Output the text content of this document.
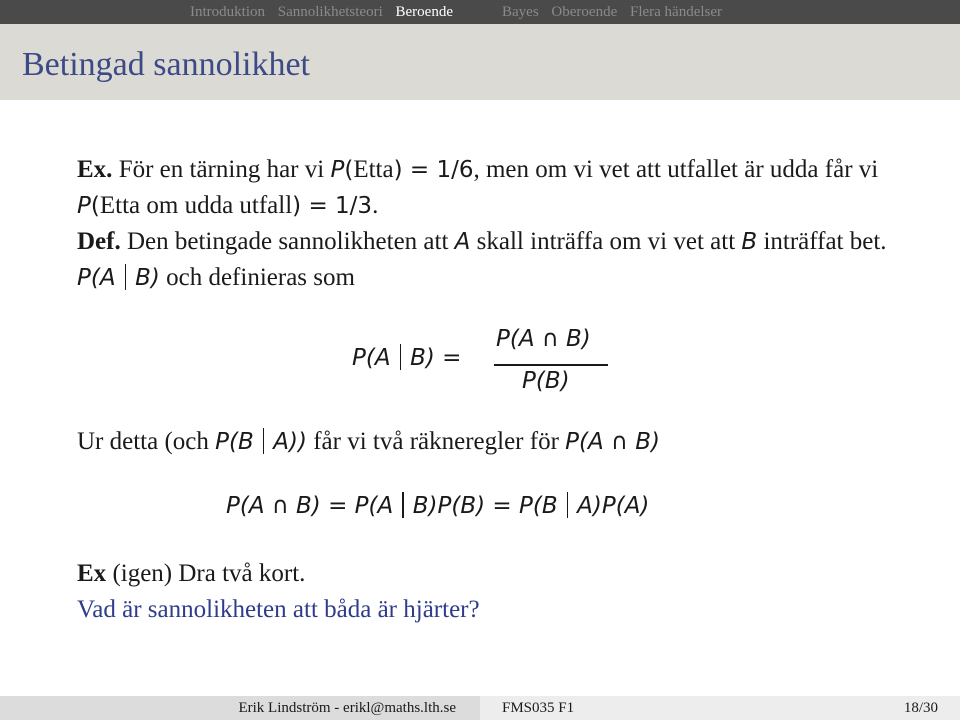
Introduktion Sannolikhetsteori Beroende	Bayes Oberoende Flera händelser
Betingad sannolikhet

Ex. För en tärning har vi P(Etta) = 1/6, men om vi vet att utfallet är udda får vi P(Etta om udda utfall) = 1/3.

Def. Den betingade sannolikheten att A skall inträffa om vi vet att B inträffat bet. P(A B) och definieras som

P(A B) =
P(A ∩ B)
P(B)
Ur detta (och P(B A)) får vi två räkneregler för P(A ∩ B)
P(A ∩ B) = P(A B)P(B) = P(B A)P(A)
Ex (igen) Dra två kort.
Vad är sannolikheten att båda är hjärter?
Erik Lindström - erikl@maths.lth.se	FMS035 F1	18/30
